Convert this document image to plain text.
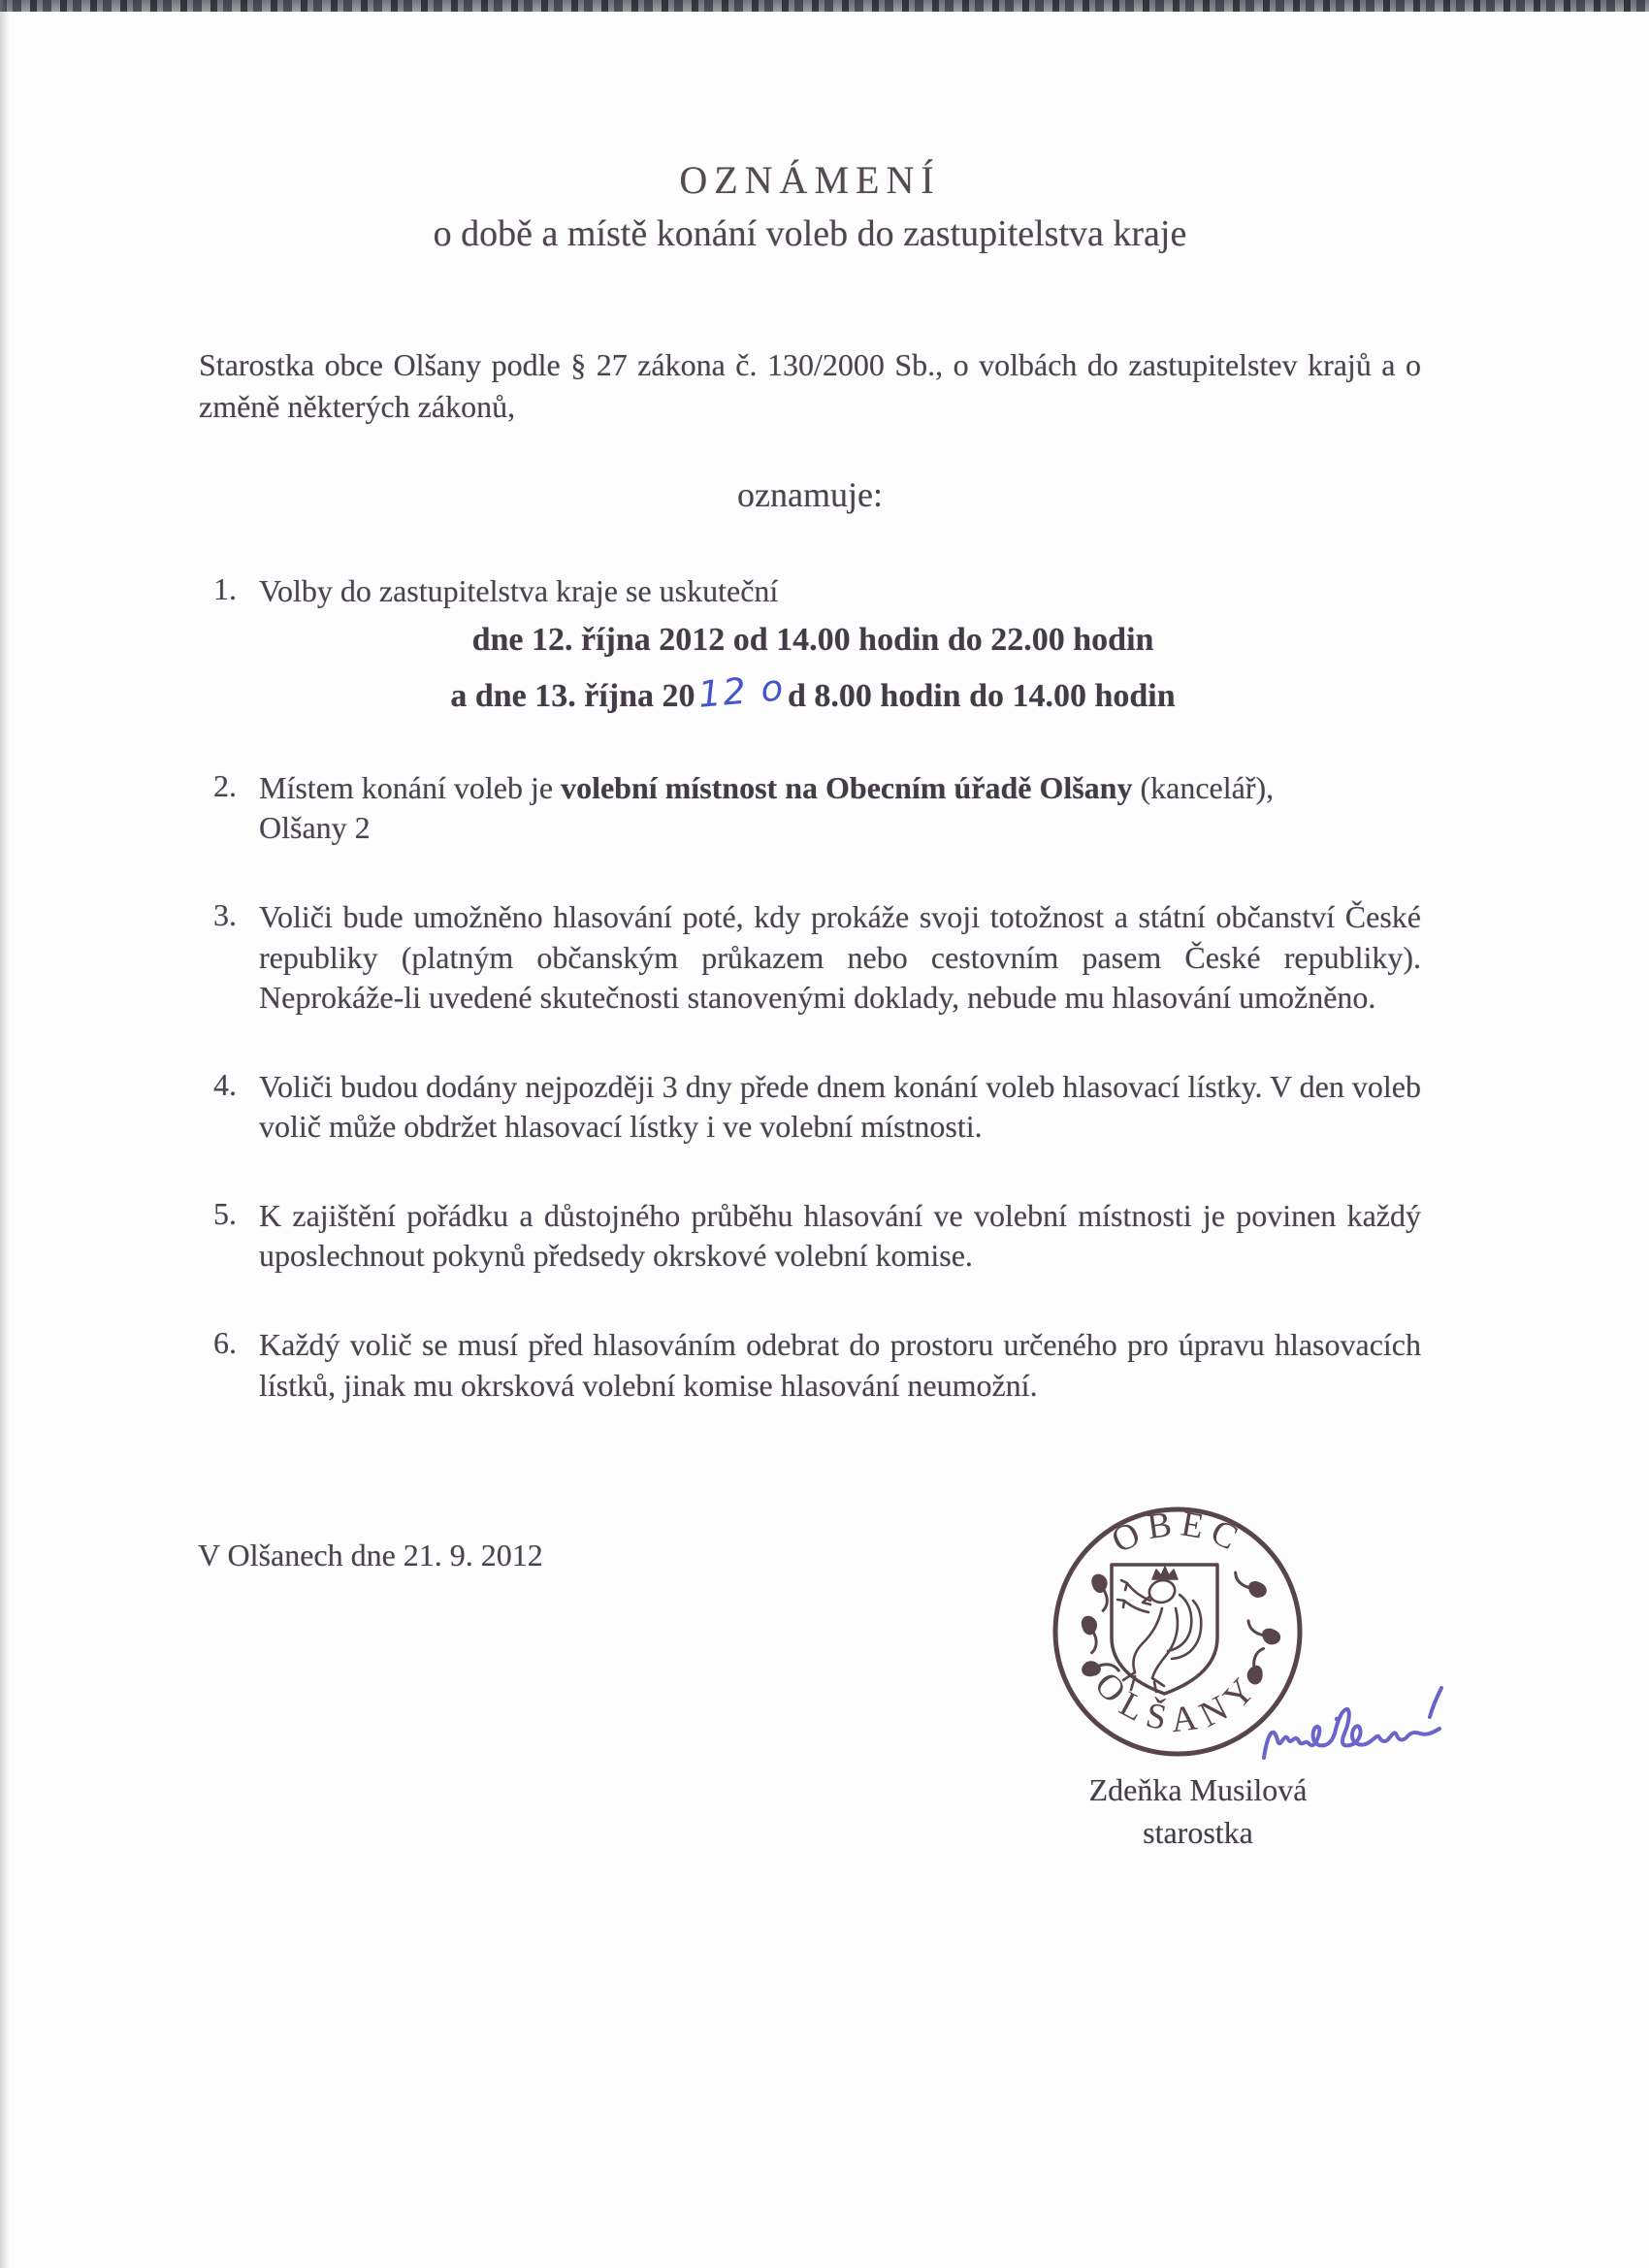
OZNÁMENÍ
o době a místě konání voleb do zastupitelstva kraje

Starostka obce Olšany podle § 27 zákona č. 130/2000 Sb., o volbách do zastupitelstev krajů a o změně některých zákonů,

oznamuje:
1. Volby do zastupitelstva kraje se uskuteční
dne 12. října 2012 od 14.00 hodin do 22.00 hodin
a dne 13. října 2012 od 8.00 hodin do 14.00 hodin
2. Místem konání voleb je volební místnost na Obecním úřadě Olšany (kancelář),
Olšany 2
3. Voliči bude umožněno hlasování poté, kdy prokáže svoji totožnost a státní občanství České republiky (platným občanským průkazem nebo cestovním pasem České republiky). Neprokáže-li uvedené skutečnosti stanovenými doklady, nebude mu hlasování umožněno.
4. Voliči budou dodány nejpozději 3 dny přede dnem konání voleb hlasovací lístky. V den voleb volič může obdržet hlasovací lístky i ve volební místnosti.
5. K zajištění pořádku a důstojného průběhu hlasování ve volební místnosti je povinen každý uposlechnout pokynů předsedy okrskové volební komise.
6. Každý volič se musí před hlasováním odebrat do prostoru určeného pro úpravu hlasovacích lístků, jinak mu okrsková volební komise hlasování neumožní.
V Olšanech dne 21. 9. 2012	OBEC
OLŠANY
Zdeňka Musilová
starostka
